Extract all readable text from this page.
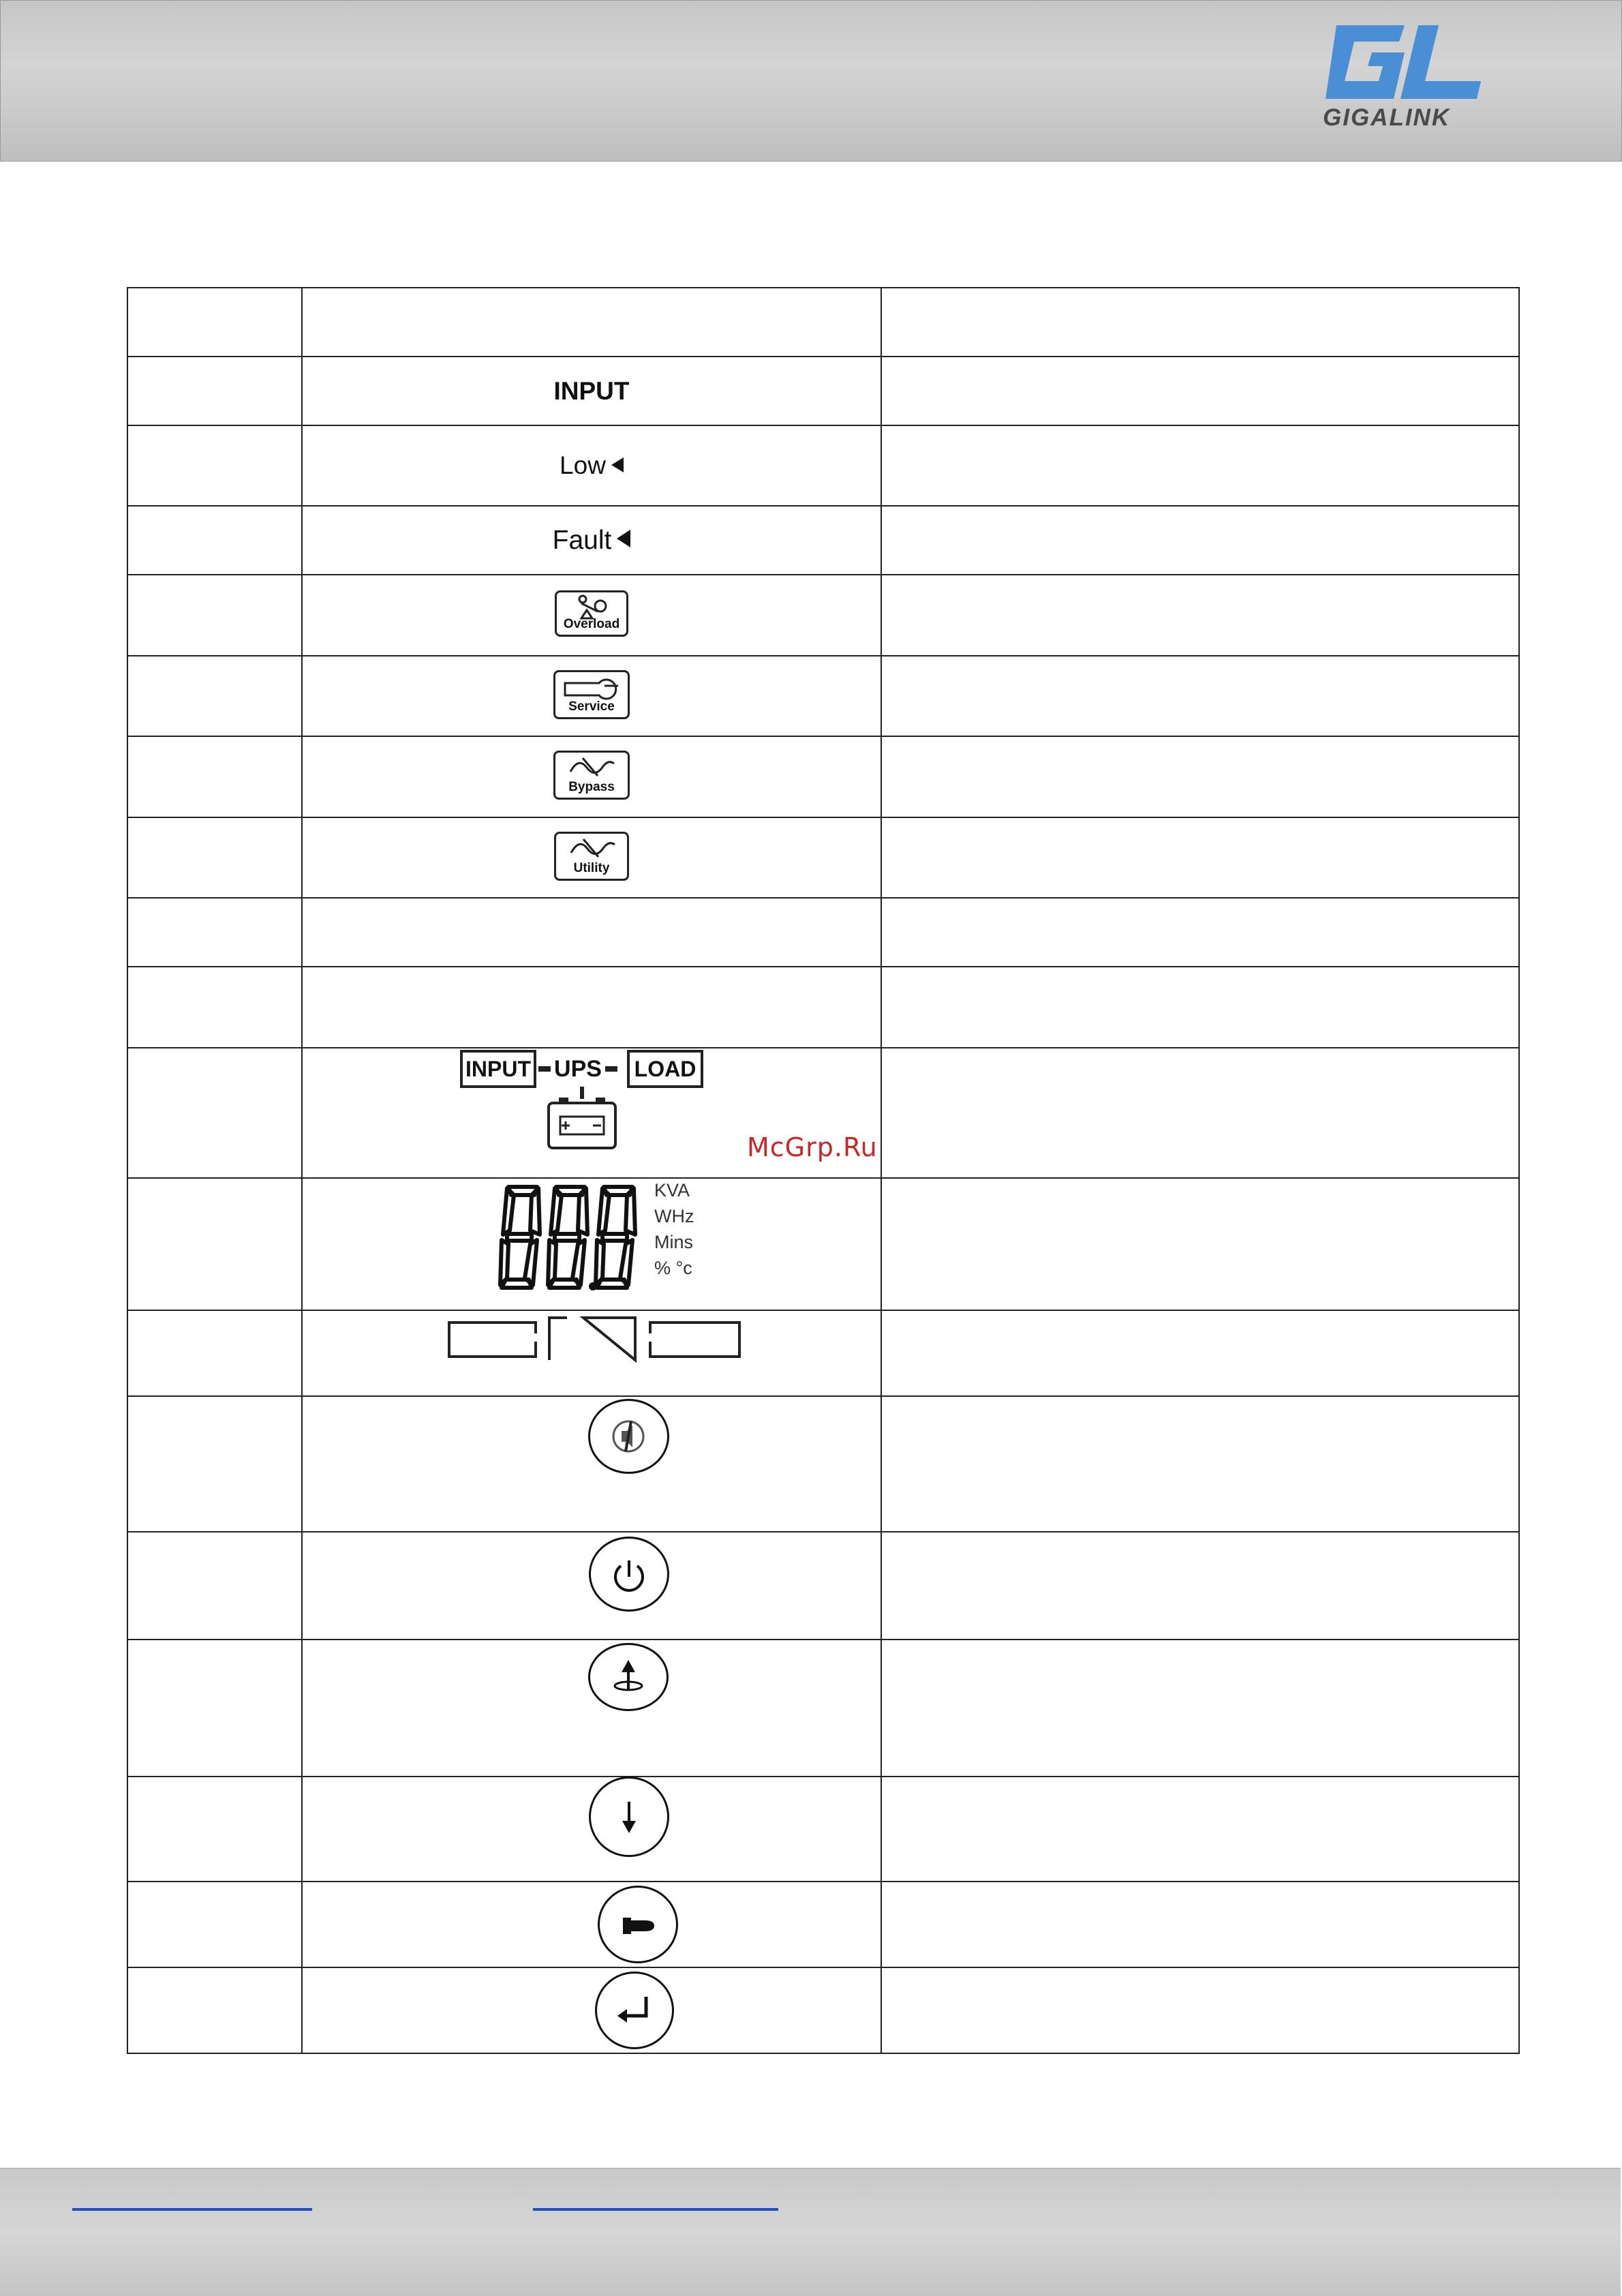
GIGALINK
McGrp.Ru

	INPUT	
	Low	
	Fault	

	Overload	

	Service	

	Bypass	

	Utility	

	INPUT UPS LOAD	

	KVA
WHz
Mins
% °c	
